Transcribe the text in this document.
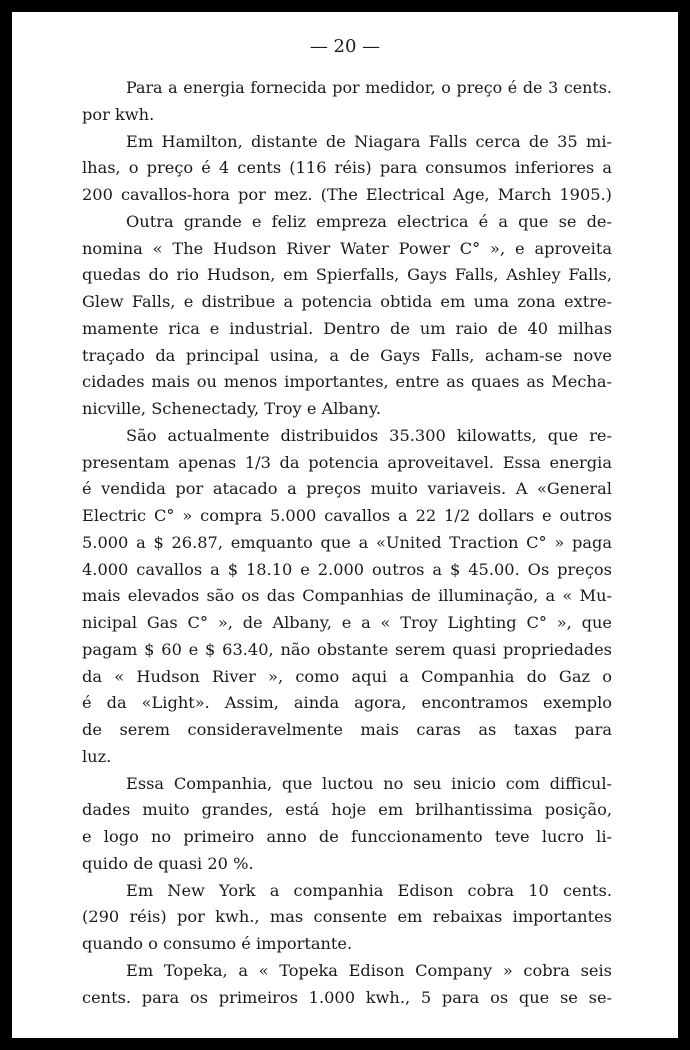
— 20 —
Para a energia fornecida por medidor, o preço é de 3 cents.
por kwh.
Em Hamilton, distante de Niagara Falls cerca de 35 mi-
lhas, o preço é 4 cents (116 réis) para consumos inferiores a
200 cavallos-hora por mez. (The Electrical Age, March 1905.)
Outra grande e feliz empreza electrica é a que se de-
nomina « The Hudson River Water Power C° », e aproveita
quedas do rio Hudson, em Spierfalls, Gays Falls, Ashley Falls,
Glew Falls, e distribue a potencia obtida em uma zona extre-
mamente rica e industrial. Dentro de um raio de 40 milhas
traçado da principal usina, a de Gays Falls, acham-se nove
cidades mais ou menos importantes, entre as quaes as Mecha-
nicville, Schenectady, Troy e Albany.
São actualmente distribuidos 35.300 kilowatts, que re-
presentam apenas 1/3 da potencia aproveitavel. Essa energia
é vendida por atacado a preços muito variaveis. A «General
Electric C° » compra 5.000 cavallos a 22 1/2 dollars e outros
5.000 a $ 26.87, emquanto que a «United Traction C° » paga
4.000 cavallos a $ 18.10 e 2.000 outros a $ 45.00. Os preços
mais elevados são os das Companhias de illuminação, a « Mu-
nicipal Gas C° », de Albany, e a « Troy Lighting C° », que
pagam $ 60 e $ 63.40, não obstante serem quasi propriedades
da « Hudson River », como aqui a Companhia do Gaz o
é da «Light». Assim, ainda agora, encontramos exemplo
de serem consideravelmente mais caras as taxas para
luz.
Essa Companhia, que luctou no seu inicio com difficul-
dades muito grandes, está hoje em brilhantissima posição,
e logo no primeiro anno de funccionamento teve lucro li-
quido de quasi 20 %.
Em New York a companhia Edison cobra 10 cents.
(290 réis) por kwh., mas consente em rebaixas importantes
quando o consumo é importante.
Em Topeka, a « Topeka Edison Company » cobra seis
cents. para os primeiros 1.000 kwh., 5 para os que se se-
